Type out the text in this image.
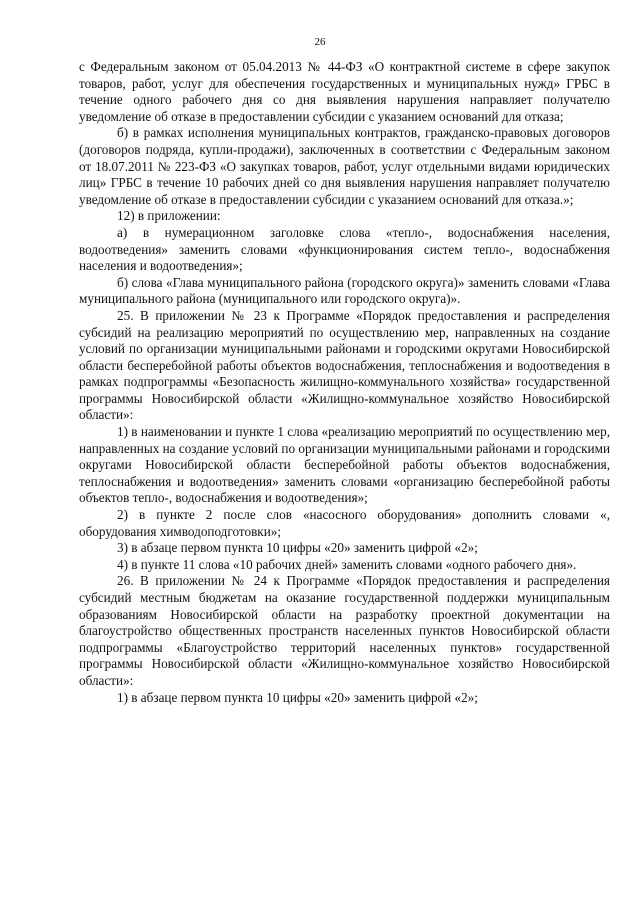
26

с Федеральным законом от 05.04.2013 № 44-ФЗ «О контрактной системе в сфере закупок товаров, работ, услуг для обеспечения государственных и муниципальных нужд» ГРБС в течение одного рабочего дня со дня выявления нарушения направляет получателю уведомление об отказе в предоставлении субсидии с указанием оснований для отказа;

б) в рамках исполнения муниципальных контрактов, гражданско-правовых договоров (договоров подряда, купли-продажи), заключенных в соответствии с Федеральным законом от 18.07.2011 № 223-ФЗ «О закупках товаров, работ, услуг отдельными видами юридических лиц» ГРБС в течение 10 рабочих дней со дня выявления нарушения направляет получателю уведомление об отказе в предоставлении субсидии с указанием оснований для отказа.»;

12) в приложении:

а) в нумерационном заголовке слова «тепло-, водоснабжения населения, водоотведения» заменить словами «функционирования систем тепло-, водоснабжения населения и водоотведения»;

б) слова «Глава муниципального района (городского округа)» заменить словами «Глава муниципального района (муниципального или городского округа)».

25. В приложении № 23 к Программе «Порядок предоставления и распределения субсидий на реализацию мероприятий по осуществлению мер, направленных на создание условий по организации муниципальными районами и городскими округами Новосибирской области бесперебойной работы объектов водоснабжения, теплоснабжения и водоотведения в рамках подпрограммы «Безопасность жилищно-коммунального хозяйства» государственной программы Новосибирской области «Жилищно-коммунальное хозяйство Новосибирской области»:

1) в наименовании и пункте 1 слова «реализацию мероприятий по осуществлению мер, направленных на создание условий по организации муниципальными районами и городскими округами Новосибирской области бесперебойной работы объектов водоснабжения, теплоснабжения и водоотведения» заменить словами «организацию бесперебойной работы объектов тепло-, водоснабжения и водоотведения»;

2) в пункте 2 после слов «насосного оборудования» дополнить словами «, оборудования химводоподготовки»;

3) в абзаце первом пункта 10 цифры «20» заменить цифрой «2»;

4) в пункте 11 слова «10 рабочих дней» заменить словами «одного рабочего дня».

26. В приложении № 24 к Программе «Порядок предоставления и распределения субсидий местным бюджетам на оказание государственной поддержки муниципальным образованиям Новосибирской области на разработку проектной документации на благоустройство общественных пространств населенных пунктов Новосибирской области подпрограммы «Благоустройство территорий населенных пунктов» государственной программы Новосибирской области «Жилищно-коммунальное хозяйство Новосибирской области»:

1) в абзаце первом пункта 10 цифры «20» заменить цифрой «2»;
